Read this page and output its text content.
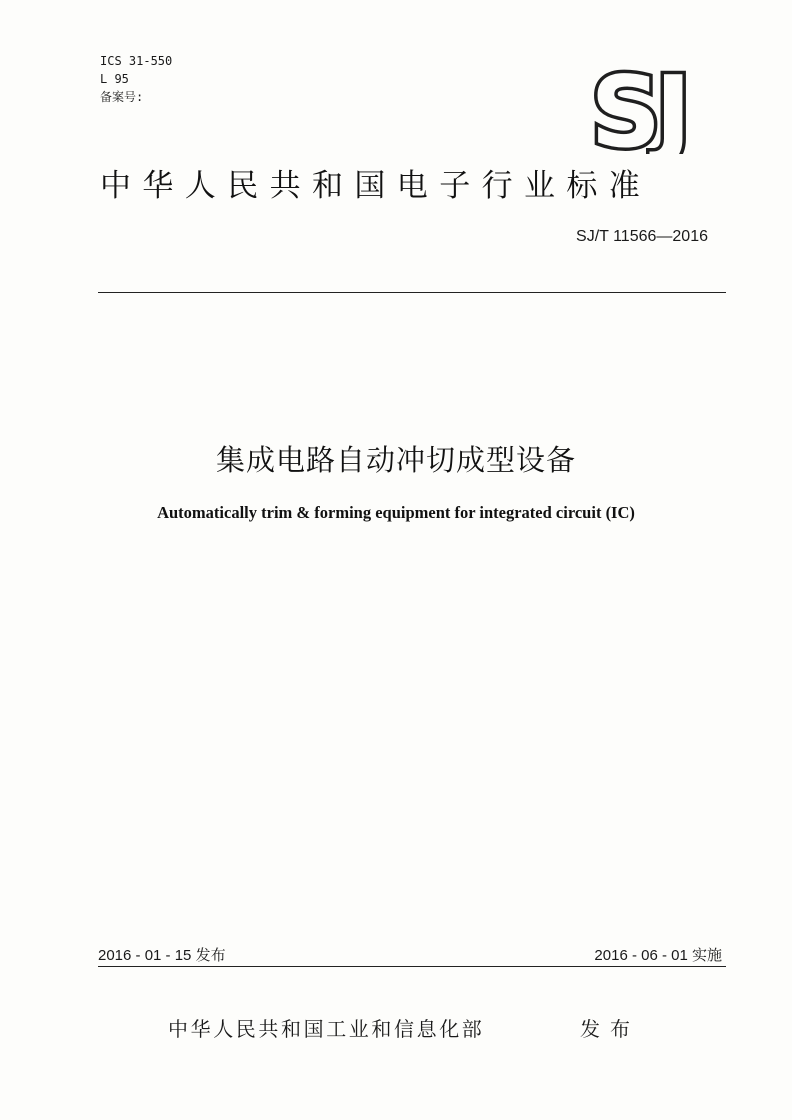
ICS 31-550
L 95
备案号:	SJ
中华人民共和国电子行业标准
SJ/T 11566—2016
集成电路自动冲切成型设备
Automatically trim & forming equipment for integrated circuit (IC)
2016 - 01 - 15 发布	2016 - 06 - 01 实施
中华人民共和国工业和信息化部	发布
